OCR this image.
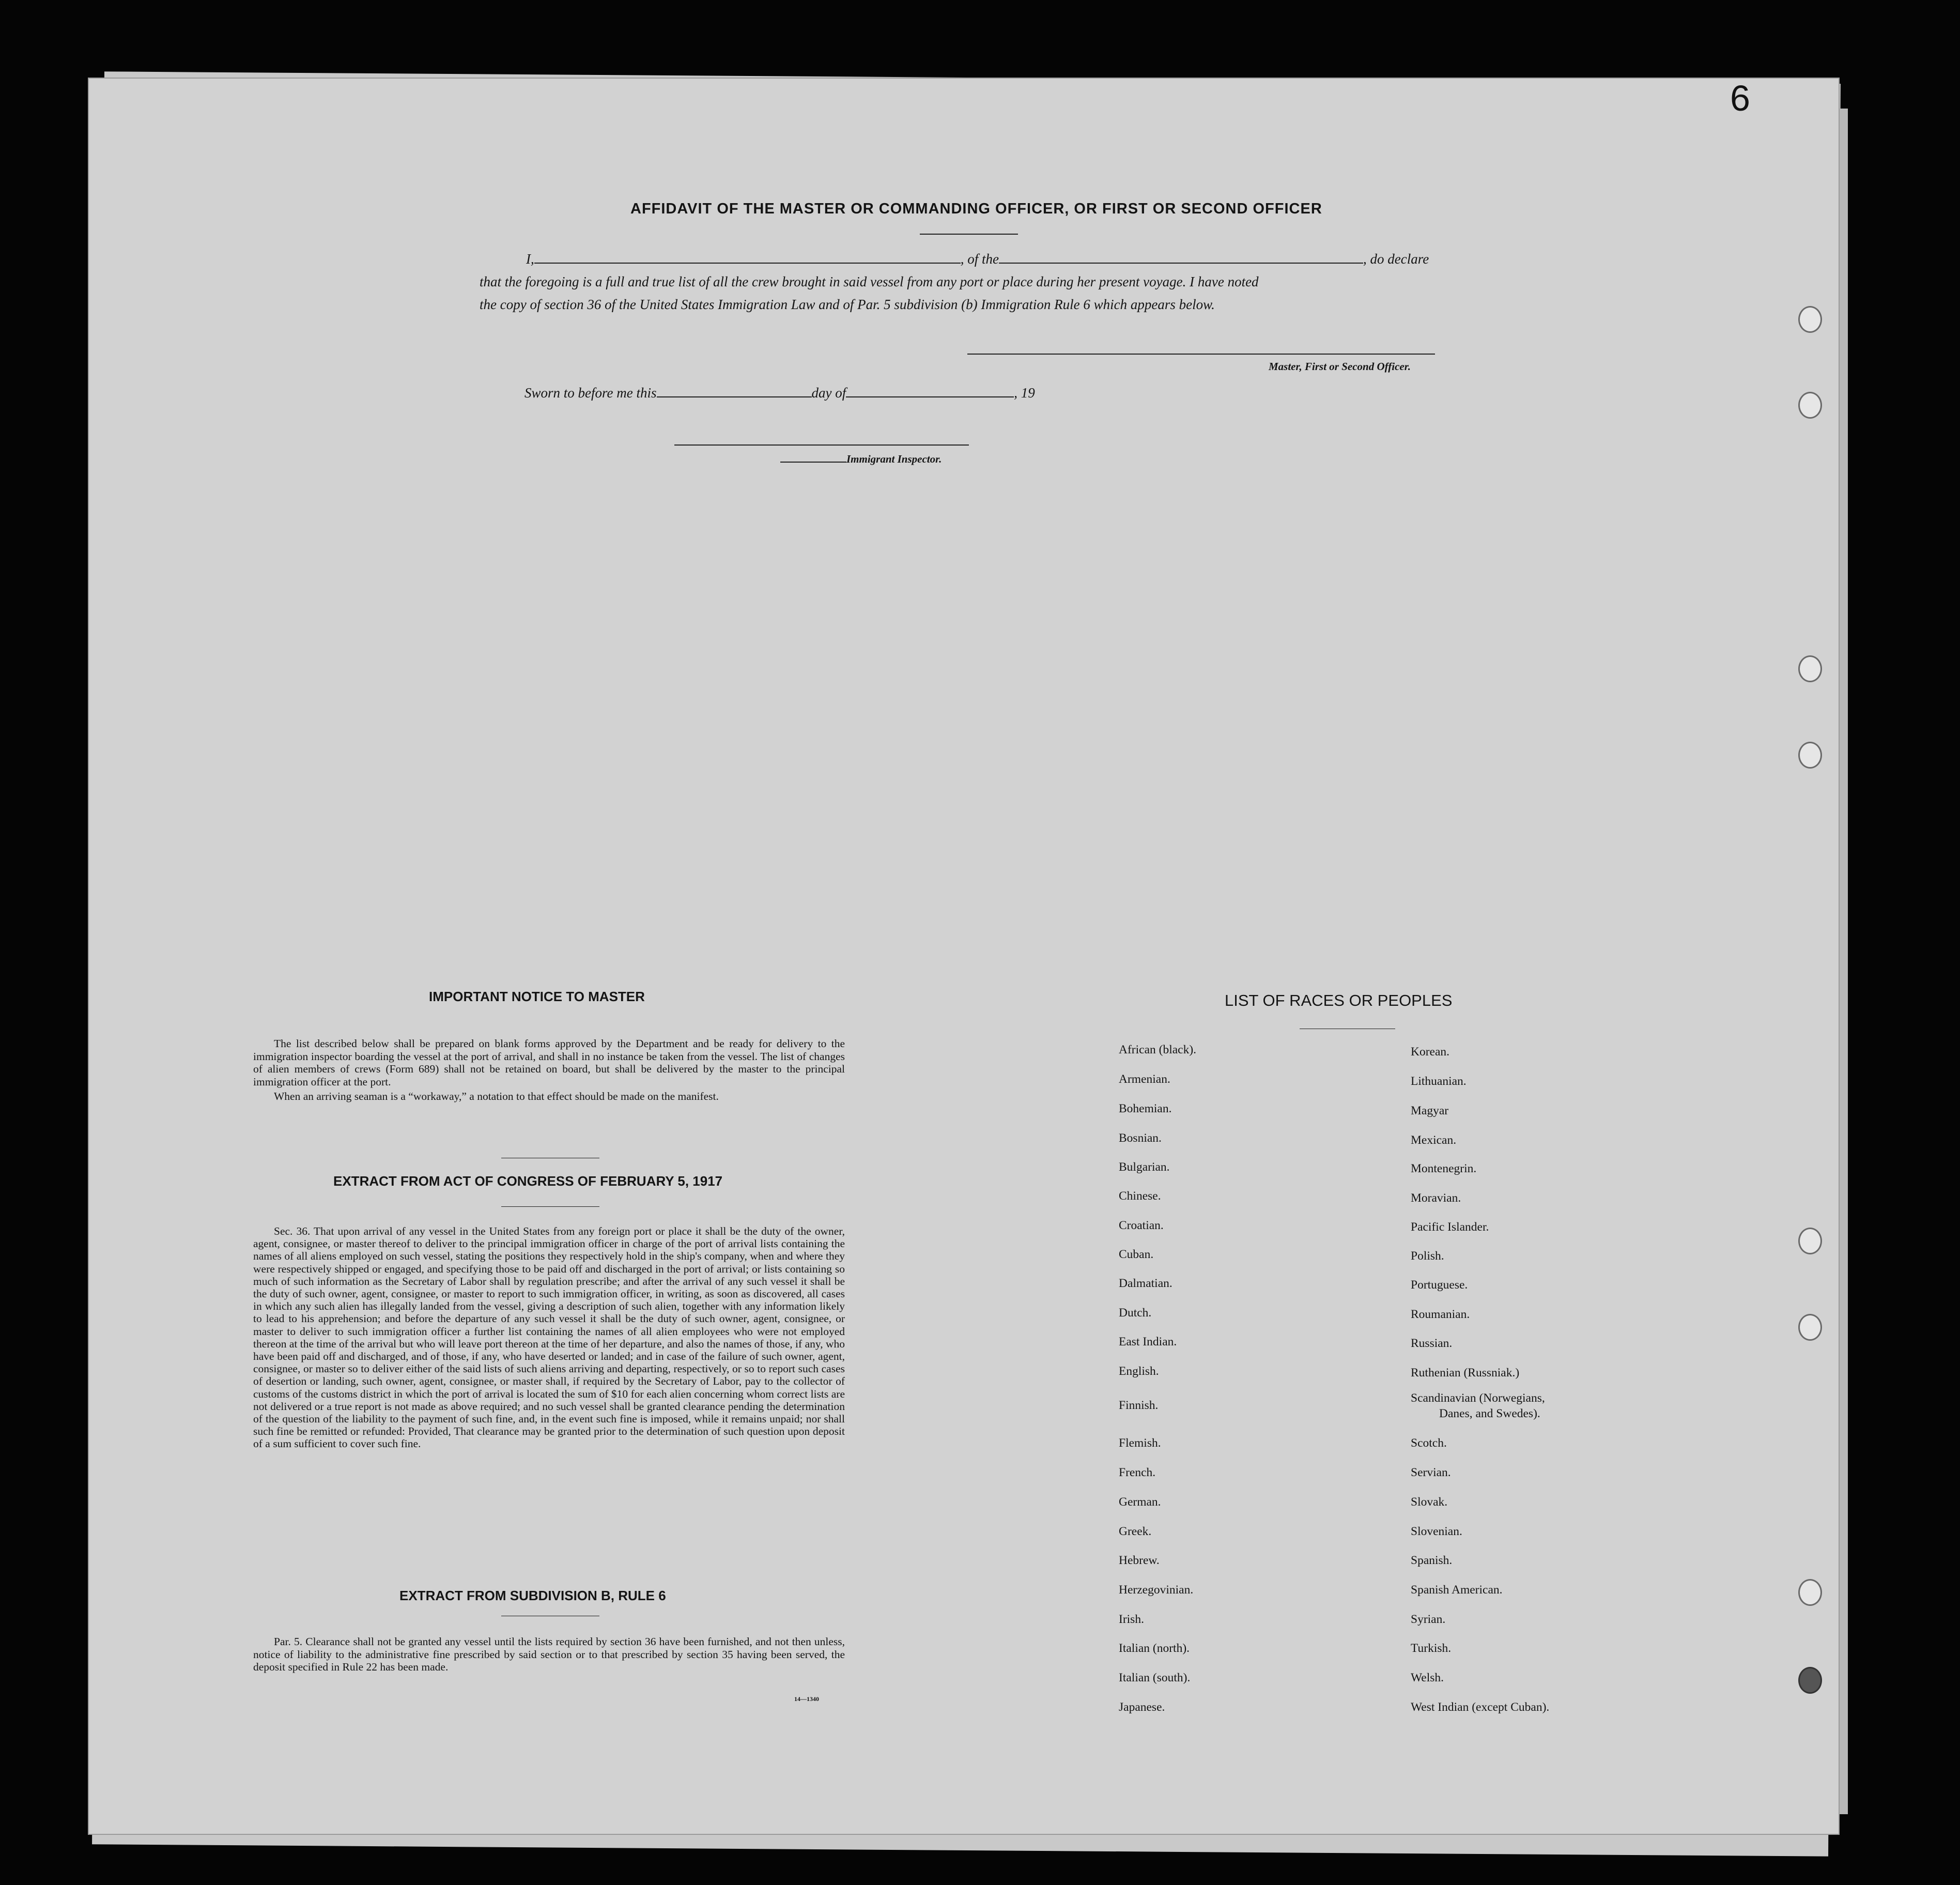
6
AFFIDAVIT OF THE MASTER OR COMMANDING OFFICER, OR FIRST OR SECOND OFFICER
I,	, of the	, do declare
that the foregoing is a full and true list of all the crew brought in said vessel from any port or place during her present voyage. I have noted
the copy of section 36 of the United States Immigration Law and of Par. 5 subdivision (b) Immigration Rule 6 which appears below.
Master, First or Second Officer.
Sworn to before me this	day of	, 19
Immigrant Inspector.
IMPORTANT NOTICE TO MASTER

The list described below shall be prepared on blank forms approved by the Department and be ready for delivery to the immigration inspector boarding the vessel at the port of arrival, and shall in no instance be taken from the vessel. The list of changes of alien members of crews (Form 689) shall not be retained on board, but shall be delivered by the master to the principal immigration officer at the port.

When an arriving seaman is a “workaway,” a notation to that effect should be made on the manifest.

EXTRACT FROM ACT OF CONGRESS OF FEBRUARY 5, 1917

Sec. 36. That upon arrival of any vessel in the United States from any foreign port or place it shall be the duty of the owner, agent, consignee, or master thereof to deliver to the principal immigration officer in charge of the port of arrival lists containing the names of all aliens employed on such vessel, stating the positions they respectively hold in the ship's company, when and where they were respectively shipped or engaged, and specifying those to be paid off and discharged in the port of arrival; or lists containing so much of such information as the Secretary of Labor shall by regulation prescribe; and after the arrival of any such vessel it shall be the duty of such owner, agent, consignee, or master to report to such immigration officer, in writing, as soon as discovered, all cases in which any such alien has illegally landed from the vessel, giving a description of such alien, together with any information likely to lead to his apprehension; and before the departure of any such vessel it shall be the duty of such owner, agent, consignee, or master to deliver to such immigration officer a further list containing the names of all alien employees who were not employed thereon at the time of the arrival but who will leave port thereon at the time of her departure, and also the names of those, if any, who have been paid off and discharged, and of those, if any, who have deserted or landed; and in case of the failure of such owner, agent, consignee, or master so to deliver either of the said lists of such aliens arriving and departing, respectively, or so to report such cases of desertion or landing, such owner, agent, consignee, or master shall, if required by the Secretary of Labor, pay to the collector of customs of the customs district in which the port of arrival is located the sum of $10 for each alien concerning whom correct lists are not delivered or a true report is not made as above required; and no such vessel shall be granted clearance pending the determination of the question of the liability to the payment of such fine, and, in the event such fine is imposed, while it remains unpaid; nor shall such fine be remitted or refunded: Provided, That clearance may be granted prior to the determination of such question upon deposit of a sum sufficient to cover such fine.

EXTRACT FROM SUBDIVISION B, RULE 6

Par. 5. Clearance shall not be granted any vessel until the lists required by section 36 have been furnished, and not then unless, notice of liability to the administrative fine prescribed by said section or to that prescribed by section 35 having been served, the deposit specified in Rule 22 has been made.

14—1340
LIST OF RACES OR PEOPLES
African (black).
Armenian.
Bohemian.
Bosnian.
Bulgarian.
Chinese.
Croatian.
Cuban.
Dalmatian.
Dutch.
East Indian.
English.
Finnish.
Flemish.
French.
German.
Greek.
Hebrew.
Herzegovinian.
Irish.
Italian (north).
Italian (south).
Japanese.
Korean.
Lithuanian.
Magyar
Mexican.
Montenegrin.
Moravian.
Pacific Islander.
Polish.
Portuguese.
Roumanian.
Russian.
Ruthenian (Russniak.)
Scandinavian (Norwegians,
Danes, and Swedes).
Scotch.
Servian.
Slovak.
Slovenian.
Spanish.
Spanish American.
Syrian.
Turkish.
Welsh.
West Indian (except Cuban).
